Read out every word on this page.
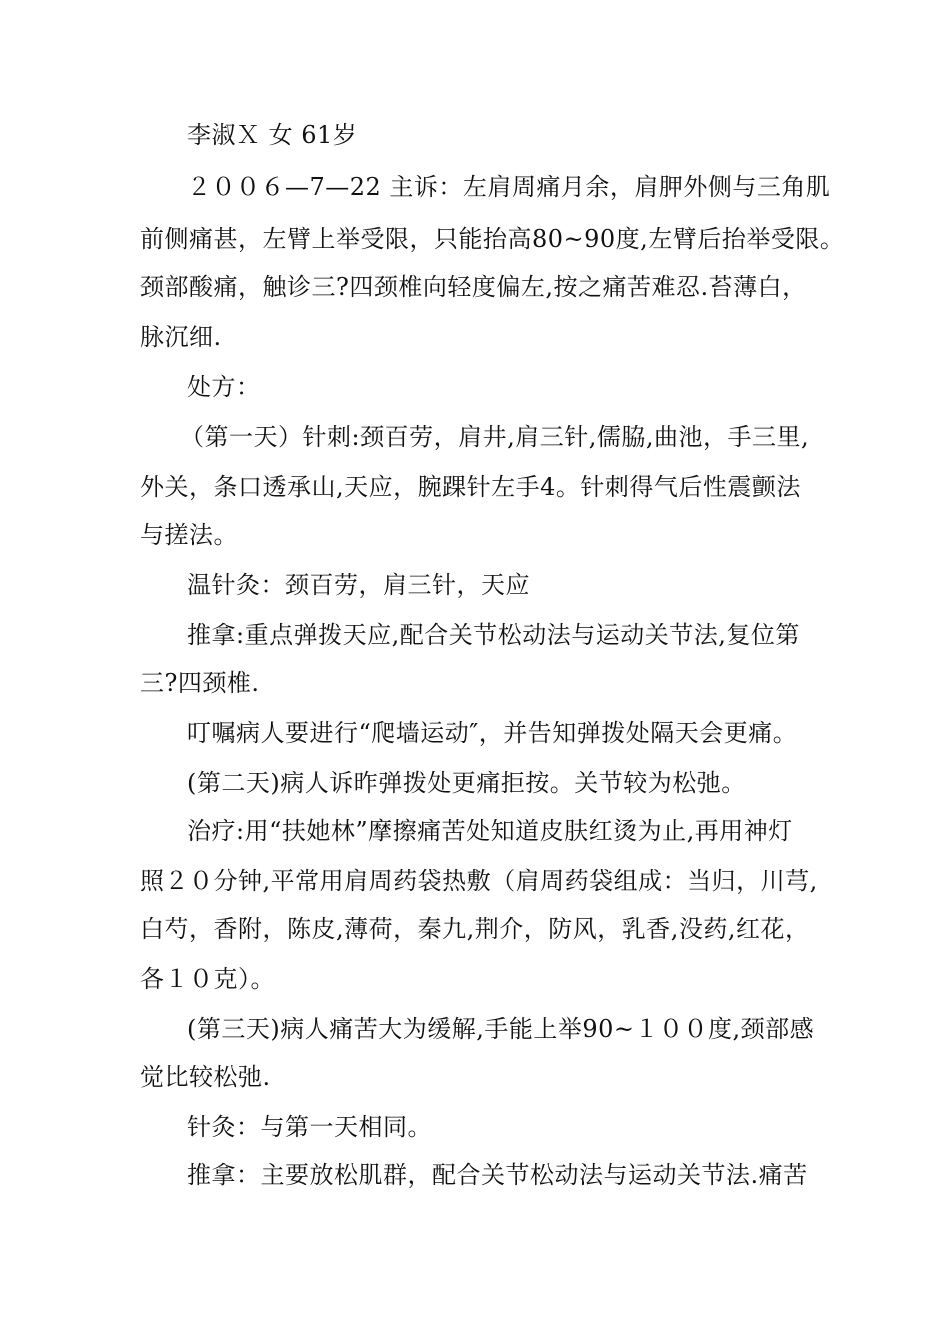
李淑Ｘ 女 61岁
２００６—7—22 主诉：左肩周痛月余，肩胛外侧与三角肌
前侧痛甚，左臂上举受限，只能抬高80~90度,左臂后抬举受限。
颈部酸痛，触诊三?四颈椎向轻度偏左,按之痛苦难忍.苔薄白，
脉沉细.
处方：
（第一天）针刺:颈百劳，肩井,肩三针,儒脇,曲池，手三里,
外关，条口透承山,天应，腕踝针左手4。针刺得气后性震颤法
与搓法。
温针灸：颈百劳，肩三针，天应
推拿:重点弹拨天应,配合关节松动法与运动关节法,复位第
三?四颈椎.
叮嘱病人要进行“爬墙运动″，并告知弹拨处隔天会更痛。
(第二天)病人诉昨弹拨处更痛拒按。关节较为松弛。
治疗:用“扶她林”摩擦痛苦处知道皮肤红烫为止,再用神灯
照２０分钟,平常用肩周药袋热敷（肩周药袋组成：当归，川芎,
白芍，香附，陈皮,薄荷，秦九,荆介，防风，乳香,没药,红花，
各１０克）。
(第三天)病人痛苦大为缓解,手能上举90~１００度,颈部感
觉比较松弛.
针灸：与第一天相同。
推拿：主要放松肌群，配合关节松动法与运动关节法.痛苦
